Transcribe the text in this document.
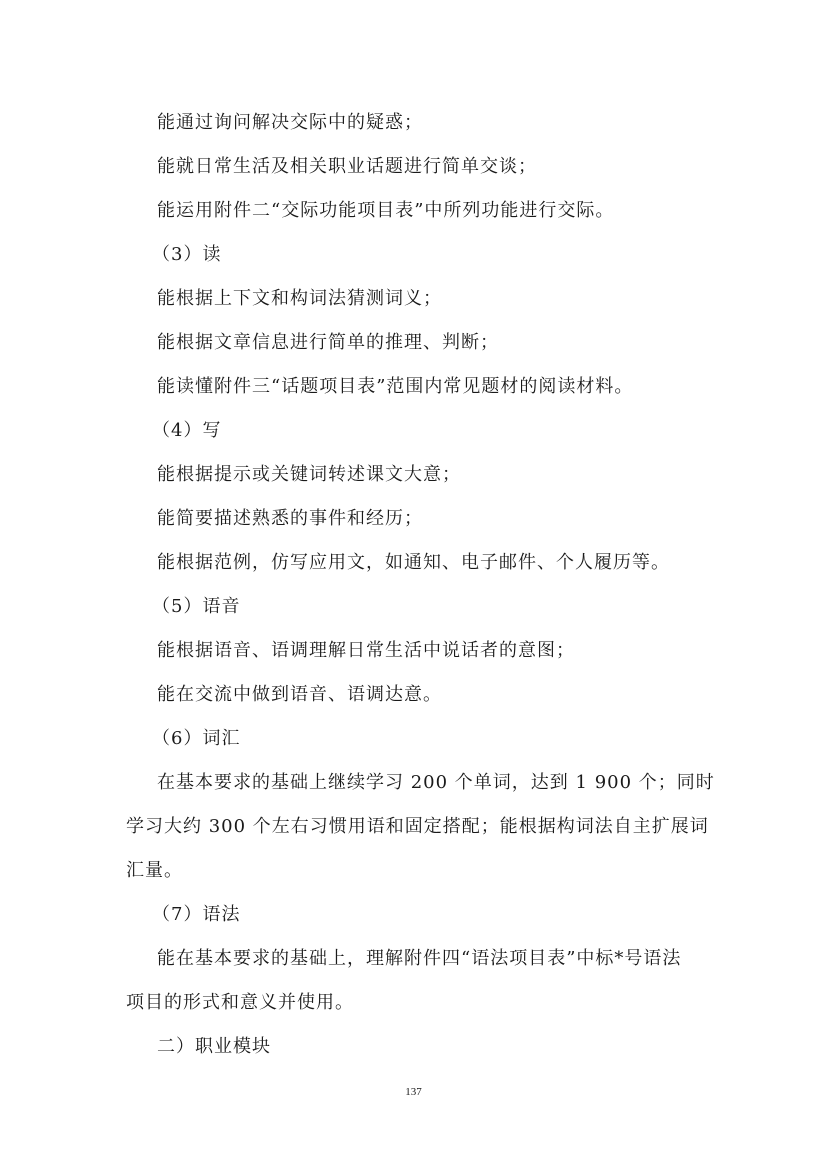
能通过询问解决交际中的疑惑；
能就日常生活及相关职业话题进行简单交谈；
能运用附件二“交际功能项目表”中所列功能进行交际。
（3）读
能根据上下文和构词法猜测词义；
能根据文章信息进行简单的推理、判断；
能读懂附件三“话题项目表”范围内常见题材的阅读材料。
（4）写
能根据提示或关键词转述课文大意；
能简要描述熟悉的事件和经历；
能根据范例，仿写应用文，如通知、电子邮件、个人履历等。
（5）语音
能根据语音、语调理解日常生活中说话者的意图；
能在交流中做到语音、语调达意。
（6）词汇
在基本要求的基础上继续学习 200 个单词，达到 1 900 个；同时
学习大约 300 个左右习惯用语和固定搭配；能根据构词法自主扩展词
汇量。
（7）语法
能在基本要求的基础上，理解附件四“语法项目表”中标*号语法
项目的形式和意义并使用。
二）职业模块
137
